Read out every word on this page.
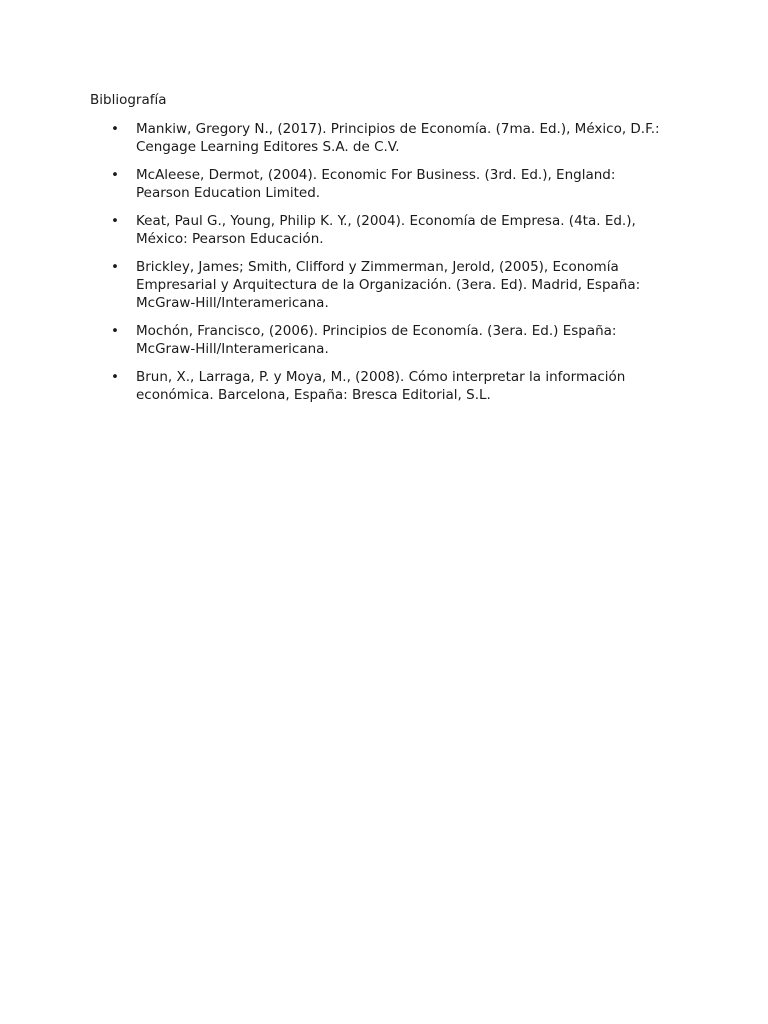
Bibliografía
• Mankiw, Gregory N., (2017). Principios de Economía. (7ma. Ed.), México, D.F.:
Cengage Learning Editores S.A. de C.V.
• McAleese, Dermot, (2004). Economic For Business. (3rd. Ed.), England:
Pearson Education Limited.
• Keat, Paul G., Young, Philip K. Y., (2004). Economía de Empresa. (4ta. Ed.),
México: Pearson Educación.
• Brickley, James; Smith, Clifford y Zimmerman, Jerold, (2005), Economía
Empresarial y Arquitectura de la Organización. (3era. Ed). Madrid, España:
McGraw-Hill/Interamericana.
• Mochón, Francisco, (2006). Principios de Economía. (3era. Ed.) España:
McGraw-Hill/Interamericana.
• Brun, X., Larraga, P. y Moya, M., (2008). Cómo interpretar la información
económica. Barcelona, España: Bresca Editorial, S.L.
